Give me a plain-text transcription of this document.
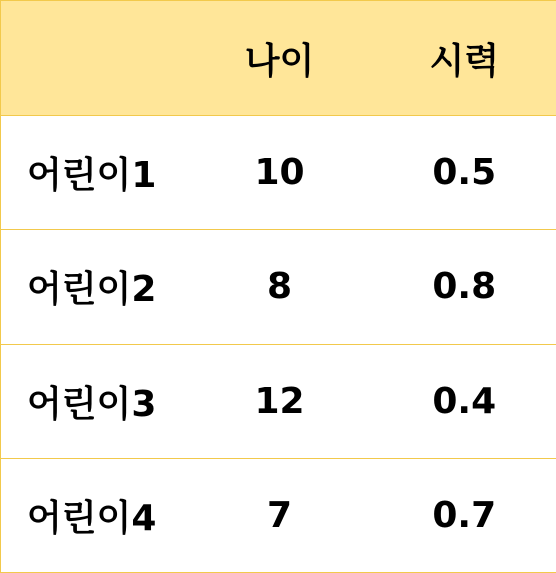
	나이	시력
어린이1	10	0.5
어린이2	8	0.8
어린이3	12	0.4
어린이4	7	0.7
